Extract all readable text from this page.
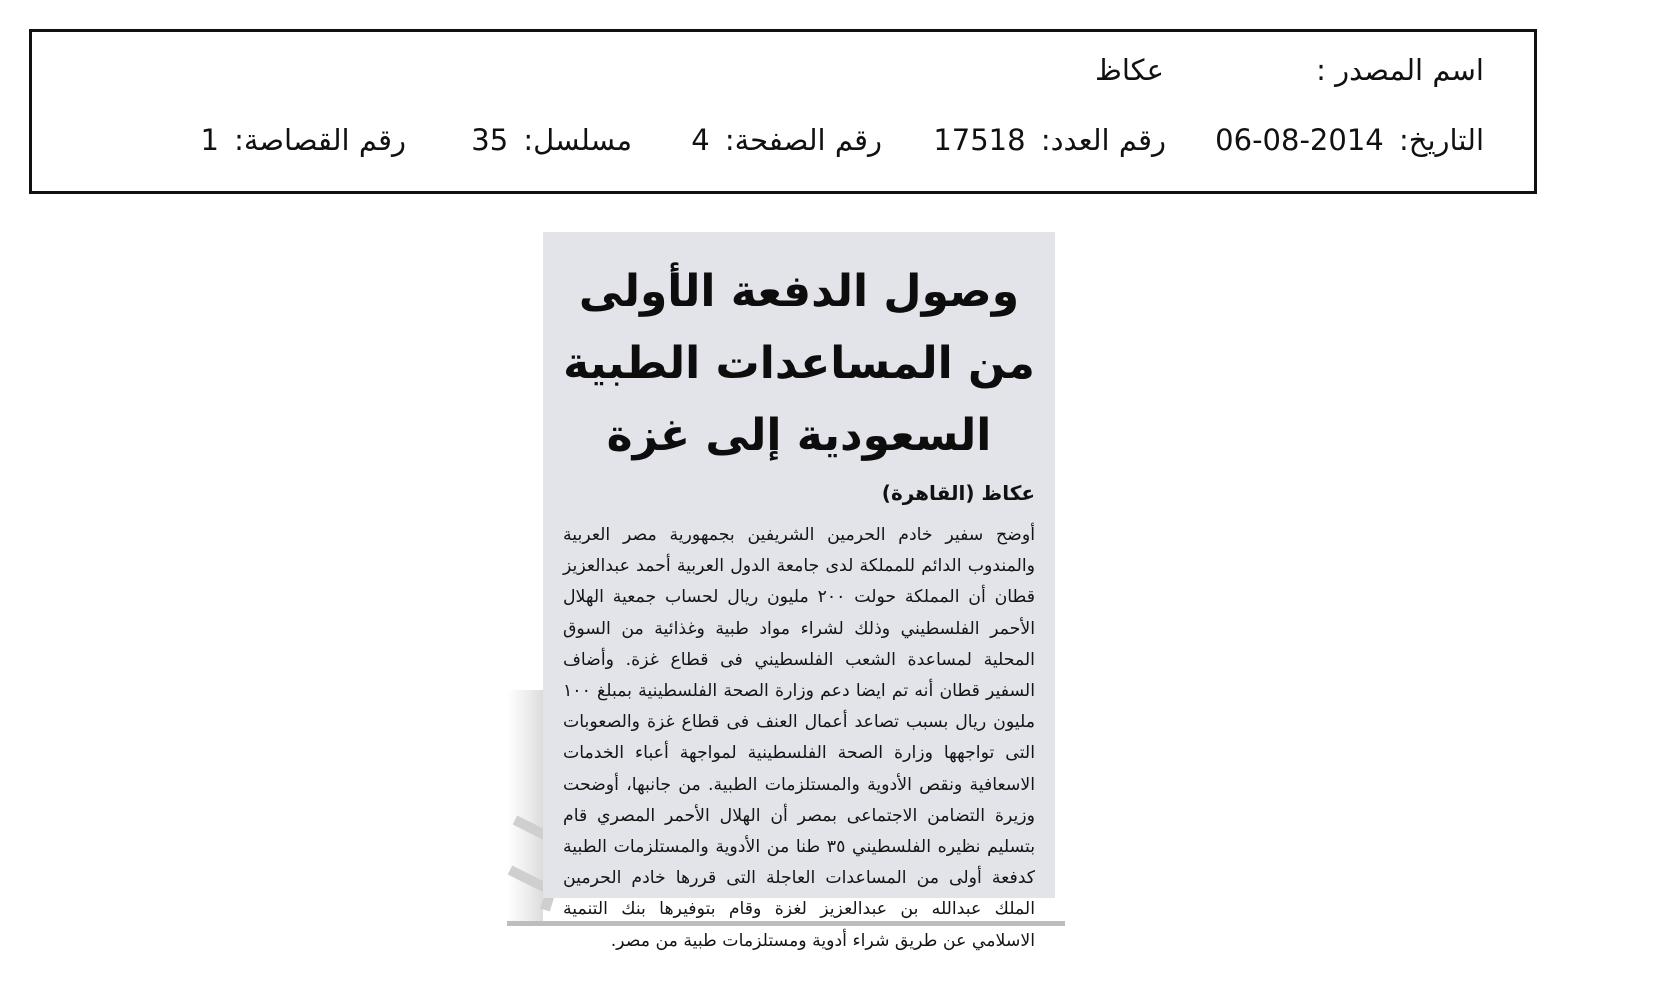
اسم المصدر :
عكاظ
التاريخ: 2014-08-06
رقم العدد: 17518
رقم الصفحة: 4
مسلسل: 35
رقم القصاصة: 1
وصول الدفعة الأولى من المساعدات الطبية السعودية إلى غزة
عكاظ (القاهرة)
أوضح سفير خادم الحرمين الشريفين بجمهورية مصر العربية والمندوب الدائم للمملكة لدى جامعة الدول العربية أحمد عبدالعزيز قطان أن المملكة حولت ٢٠٠ مليون ريال لحساب جمعية الهلال الأحمر الفلسطيني وذلك لشراء مواد طبية وغذائية من السوق المحلية لمساعدة الشعب الفلسطيني فى قطاع غزة. وأضاف السفير قطان أنه تم ايضا دعم وزارة الصحة الفلسطينية بمبلغ ١٠٠ مليون ريال بسبب تصاعد أعمال العنف فى قطاع غزة والصعوبات التى تواجهها وزارة الصحة الفلسطينية لمواجهة أعباء الخدمات الاسعافية ونقص الأدوية والمستلزمات الطبية. من جانبها، أوضحت وزيرة التضامن الاجتماعى بمصر أن الهلال الأحمر المصري قام بتسليم نظيره الفلسطيني ٣٥ طنا من الأدوية والمستلزمات الطبية كدفعة أولى من المساعدات العاجلة التى قررها خادم الحرمين الملك عبدالله بن عبدالعزيز لغزة وقام بتوفيرها بنك التنمية الاسلامي عن طريق شراء أدوية ومستلزمات طبية من مصر.
